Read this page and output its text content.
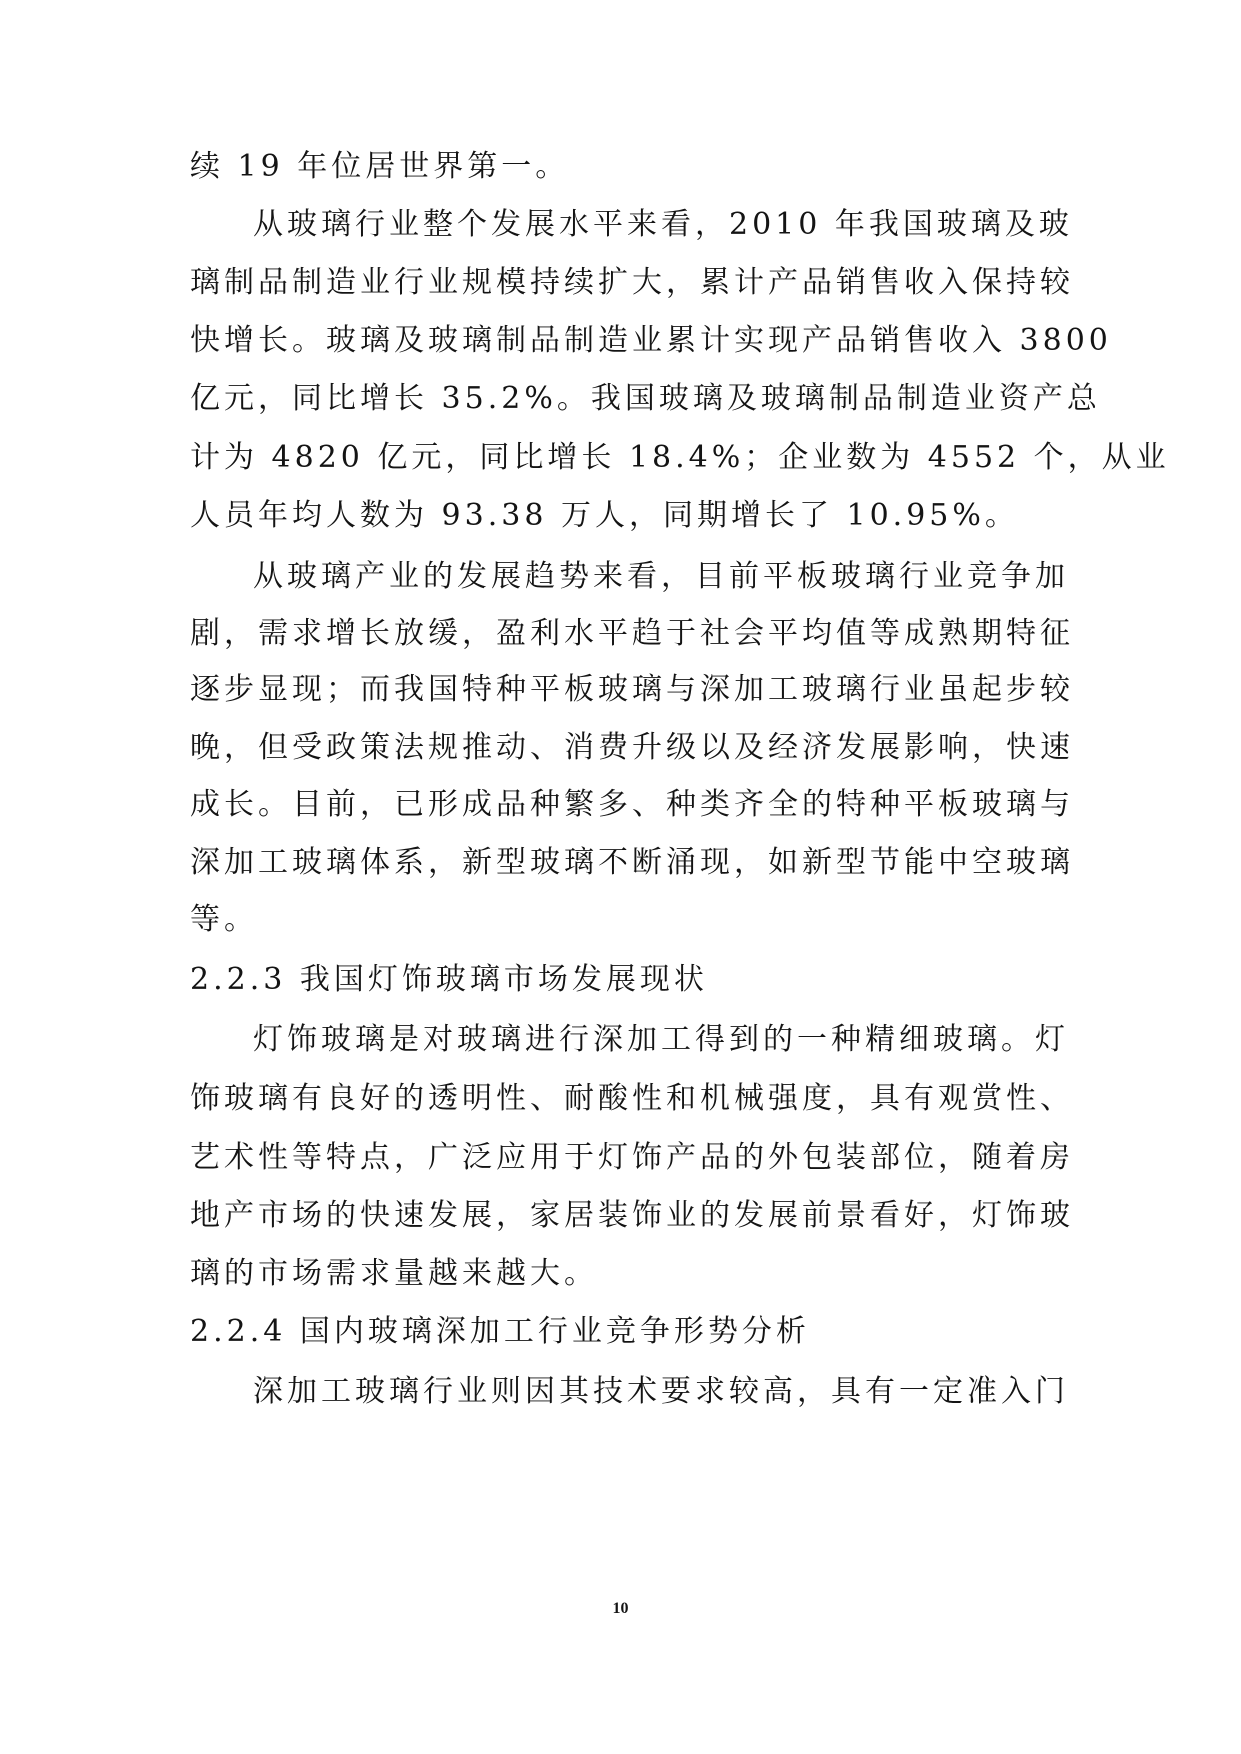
续 19 年位居世界第一。
从玻璃行业整个发展水平来看，2010 年我国玻璃及玻
璃制品制造业行业规模持续扩大，累计产品销售收入保持较
快增长。玻璃及玻璃制品制造业累计实现产品销售收入 3800
亿元，同比增长 35.2%。我国玻璃及玻璃制品制造业资产总
计为 4820 亿元，同比增长 18.4%；企业数为 4552 个，从业
人员年均人数为 93.38 万人，同期增长了 10.95%。
从玻璃产业的发展趋势来看，目前平板玻璃行业竞争加
剧，需求增长放缓，盈利水平趋于社会平均值等成熟期特征
逐步显现；而我国特种平板玻璃与深加工玻璃行业虽起步较
晚，但受政策法规推动、消费升级以及经济发展影响，快速
成长。目前，已形成品种繁多、种类齐全的特种平板玻璃与
深加工玻璃体系，新型玻璃不断涌现，如新型节能中空玻璃
等。
2.2.3 我国灯饰玻璃市场发展现状
灯饰玻璃是对玻璃进行深加工得到的一种精细玻璃。灯
饰玻璃有良好的透明性、耐酸性和机械强度，具有观赏性、
艺术性等特点，广泛应用于灯饰产品的外包装部位，随着房
地产市场的快速发展，家居装饰业的发展前景看好，灯饰玻
璃的市场需求量越来越大。
2.2.4 国内玻璃深加工行业竞争形势分析
深加工玻璃行业则因其技术要求较高，具有一定准入门
10
